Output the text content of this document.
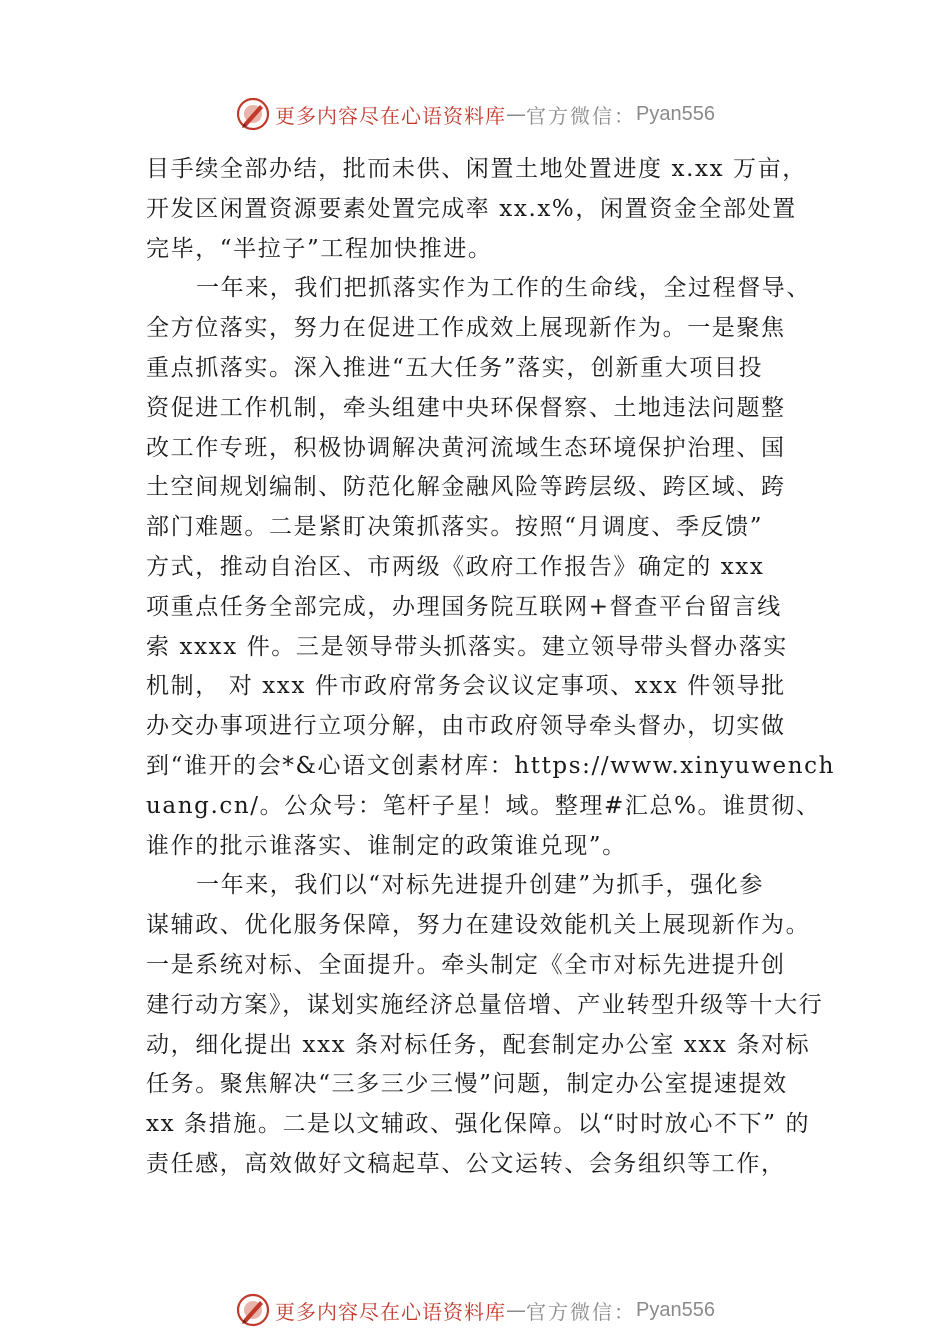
更多内容尽在心语资料库 — 官方微信： Pyan556
目手续全部办结，批而未供、闲置土地处置进度 x.xx 万亩，
开发区闲置资源要素处置完成率 xx.x%，闲置资金全部处置
完毕，“半拉子”工程加快推进。
一年来，我们把抓落实作为工作的生命线，全过程督导、
全方位落实，努力在促进工作成效上展现新作为。一是聚焦
重点抓落实。深入推进“五大任务”落实，创新重大项目投
资促进工作机制，牵头组建中央环保督察、土地违法问题整
改工作专班，积极协调解决黄河流域生态环境保护治理、国
土空间规划编制、防范化解金融风险等跨层级、跨区域、跨
部门难题。二是紧盯决策抓落实。按照“月调度、季反馈”
方式，推动自治区、市两级《政府工作报告》确定的 xxx
项重点任务全部完成，办理国务院互联网+督查平台留言线
索 xxxx 件。三是领导带头抓落实。建立领导带头督办落实
机制， 对 xxx 件市政府常务会议议定事项、xxx 件领导批
办交办事项进行立项分解，由市政府领导牵头督办，切实做
到“谁开的会*&心语文创素材库：https://www.xinyuwench
uang.cn/。公众号：笔杆子星！域。整理#汇总%。谁贯彻、
谁作的批示谁落实、谁制定的政策谁兑现”。
一年来，我们以“对标先进提升创建”为抓手，强化参
谋辅政、优化服务保障，努力在建设效能机关上展现新作为。
一是系统对标、全面提升。牵头制定《全市对标先进提升创
建行动方案》，谋划实施经济总量倍增、产业转型升级等十大行
动，细化提出 xxx 条对标任务，配套制定办公室 xxx 条对标
任务。聚焦解决“三多三少三慢”问题，制定办公室提速提效
xx 条措施。二是以文辅政、强化保障。以“时时放心不下” 的
责任感，高效做好文稿起草、公文运转、会务组织等工作，
更多内容尽在心语资料库 — 官方微信： Pyan556
